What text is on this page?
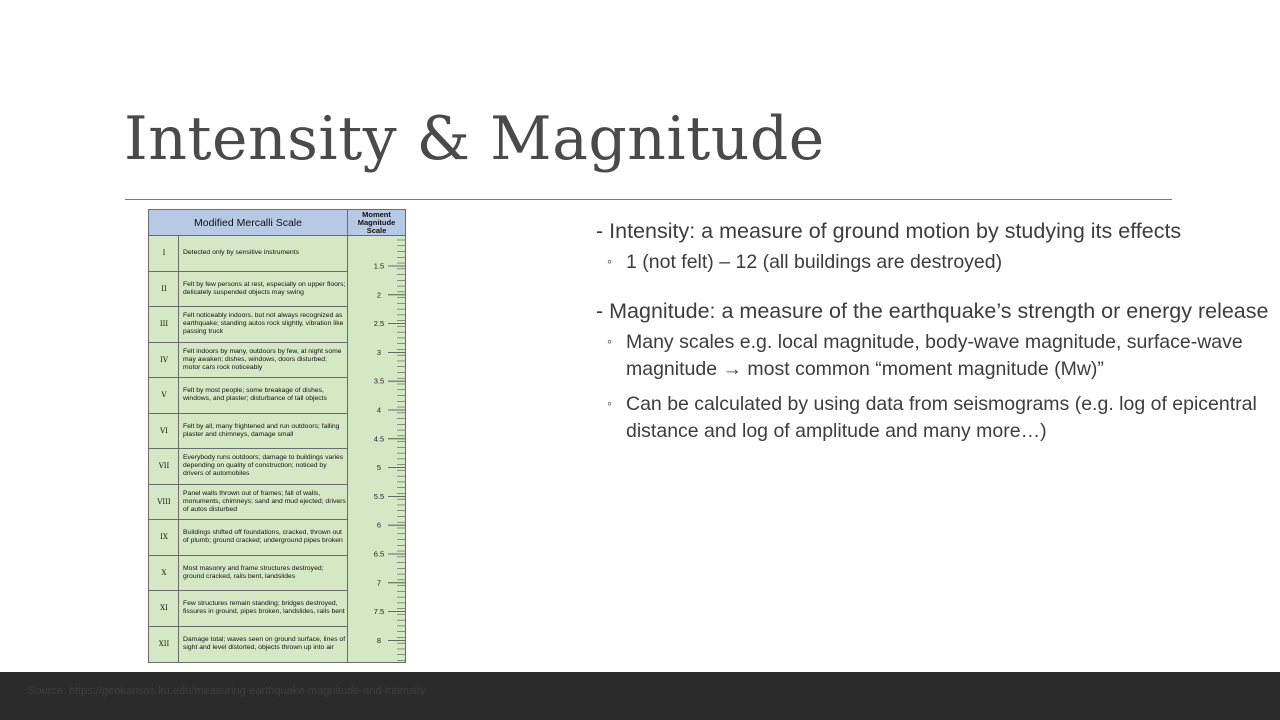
Intensity & Magnitude
Modified Mercalli Scale
Moment Magnitude Scale
I	Detected only by sensitive instruments
II
Felt by few persons at rest, especially on upper floors; delicately suspended objects may swing
III
Felt noticeably indoors, but not always recognized as earthquake; standing autos rock slightly, vibration like passing truck
IV
Felt indoors by many, outdoors by few, at night some may awaken; dishes, windows, doors disturbed; motor cars rock noticeably
V
Felt by most people; some breakage of dishes, windows, and plaster; disturbance of tall objects
VI
Felt by all, many frightened and run outdoors; falling plaster and chimneys, damage small
VII
Everybody runs outdoors; damage to buildings varies depending on quality of construction; noticed by drivers of automobiles
VIII
Panel walls thrown out of frames; fall of walls, monuments, chimneys; sand and mud ejected; drivers of autos disturbed
IX
Buildings shifted off foundations, cracked, thrown out of plumb; ground cracked; underground pipes broken
X
Most masonry and frame structures destroyed; ground cracked, rails bent, landslides
XI
Few structures remain standing; bridges destroyed, fissures in ground, pipes broken, landslides, rails bent
XII
Damage total; waves seen on ground surface, lines of sight and level distorted, objects thrown up into air
1.5
2
2.5
3
3.5
4
4.5
5
5.5
6
6.5
7
7.5
8
- Intensity: a measure of ground motion by studying its effects
◦ 1 (not felt) – 12 (all buildings are destroyed)
- Magnitude: a measure of the earthquake’s strength or energy release
◦ Many scales e.g. local magnitude, body-wave magnitude, surface-wave magnitude → most common “moment magnitude (Mw)”
◦ Can be calculated by using data from seismograms (e.g. log of epicentral distance and log of amplitude and many more…)
Source: https://geokansas.ku.edu/measuring-earthquake-magnitude-and-intensity
